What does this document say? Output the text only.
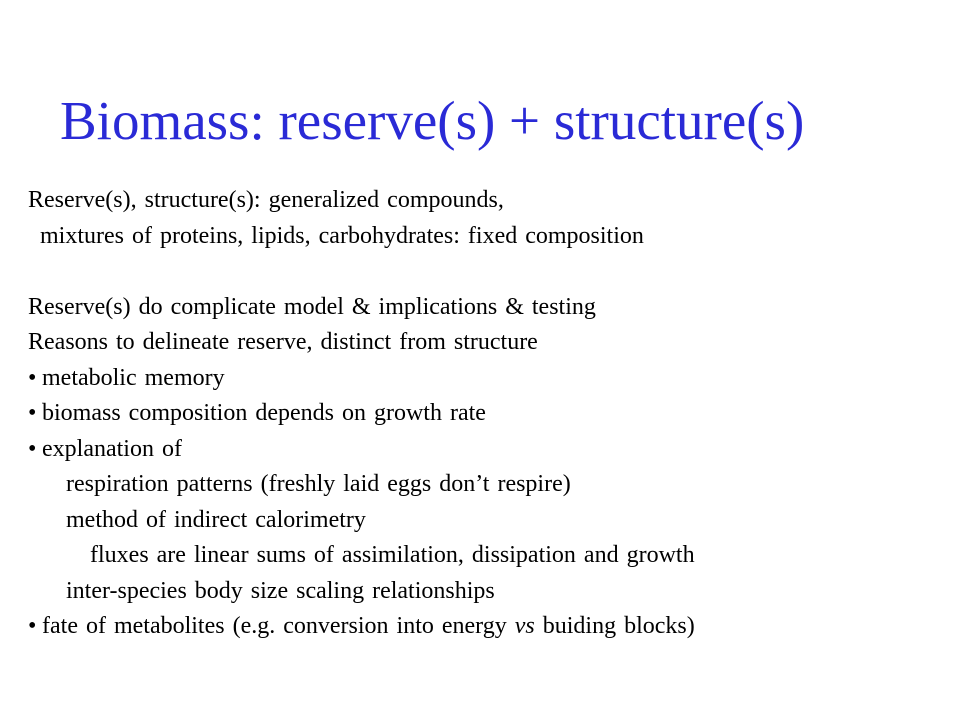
Biomass: reserve(s) + structure(s)
Reserve(s), structure(s): generalized compounds,
mixtures of proteins, lipids, carbohydrates: fixed composition
Reserve(s) do complicate model & implications & testing
Reasons to delineate reserve, distinct from structure
• metabolic memory
• biomass composition depends on growth rate
• explanation of
respiration patterns (freshly laid eggs don’t respire)
method of indirect calorimetry
fluxes are linear sums of assimilation, dissipation and growth
inter-species body size scaling relationships
• fate of metabolites (e.g. conversion into energy vs buiding blocks)
